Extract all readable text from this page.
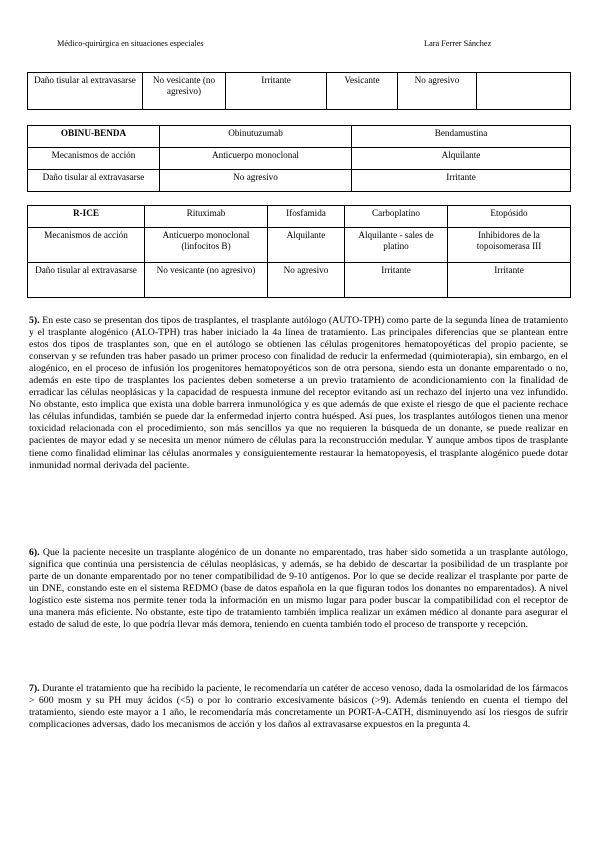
Médico-quirúrgica en situaciones especiales	Lara Ferrer Sánchez
Daño tisular al extravasarse	No vesicante (no agresivo)	Irritante	Vesicante	No agresivo	
OBINU-BENDA	Obinutuzumab	Bendamustina
Mecanismos de acción	Anticuerpo monoclonal	Alquilante
Daño tisular al extravasarse	No agresivo	Irritante
R-ICE	Rituximab	Ifosfamida	Carboplatino	Etopósido
Mecanismos de acción	Anticuerpo monoclonal (linfocitos B)	Alquilante	Alquilante - sales de platino	Inhibidores de la topoisomerasa III
Daño tisular al extravasarse	No vesicante (no agresivo)	No agresivo	Irritante	Irritante

5). En este caso se presentan dos tipos de trasplantes, el trasplante autólogo (AUTO-TPH) como parte de la segunda línea de tratamiento y el trasplante alogénico (ALO-TPH) tras haber iniciado la 4a línea de tratamiento. Las principales diferencias que se plantean entre estos dos tipos de trasplantes son, que en el autólogo se obtienen las células progenitores hematopoyéticas del propio paciente, se conservan y se refunden tras haber pasado un primer proceso con finalidad de reducir la enfermedad (quimioterapia), sin embargo, en el alogénico, en el proceso de infusión los progenitores hematopoyéticos son de otra persona, siendo esta un donante emparentado o no, además en este tipo de trasplantes los pacientes deben someterse a un previo tratamiento de acondicionamiento con la finalidad de erradicar las células neoplásicas y la capacidad de respuesta inmune del receptor evitando así un rechazo del injerto una vez infundido. No obstante, esto implica que exista una doble barrera inmunológica y es que además de que existe el riesgo de que el paciente rechace las células infundidas, también se puede dar la enfermedad injerto contra huésped. Así pues, los trasplantes autólogos tienen una menor toxicidad relacionada con el procedimiento, son más sencillos ya que no requieren la búsqueda de un donante, se puede realizar en pacientes de mayor edad y se necesita un menor número de células para la reconstrucción medular. Y aunque ambos tipos de trasplante tiene como finalidad eliminar las células anormales y consiguientemente restaurar la hematopoyesis, el trasplante alogénico puede dotar inmunidad normal derivada del paciente.

6). Que la paciente necesite un trasplante alogénico de un donante no emparentado, tras haber sido sometida a un trasplante autólogo, significa que continúa una persistencia de células neoplásicas, y además, se ha debido de descartar la posibilidad de un trasplante por parte de un donante emparentado por no tener compatibilidad de 9-10 antígenos. Por lo que se decide realizar el trasplante por parte de un DNE, constando este en el sistema REDMO (base de datos española en la que figuran todos los donantes no emparentados). A nivel logístico este sistema nos permite tener toda la información en un mismo lugar para poder buscar la compatibilidad con el receptor de una manera más eficiente. No obstante, este tipo de tratamiento también implica realizar un exámen médico al donante para asegurar el estado de salud de este, lo que podría llevar más demora, teniendo en cuenta también todo el proceso de transporte y recepción.

7). Durante el tratamiento que ha recibido la paciente, le recomendaría un catéter de acceso venoso, dada la osmolaridad de los fármacos > 600 mosm y su PH muy ácidos (<5) o por lo contrario excesivamente básicos (>9). Además teniendo en cuenta el tiempo del tratamiento, siendo este mayor a 1 año, le recomendaría más concretamente un PORT-A-CATH, disminuyendo así los riesgos de sufrir complicaciones adversas, dado los mecanismos de acción y los daños al extravasarse expuestos en la pregunta 4.
